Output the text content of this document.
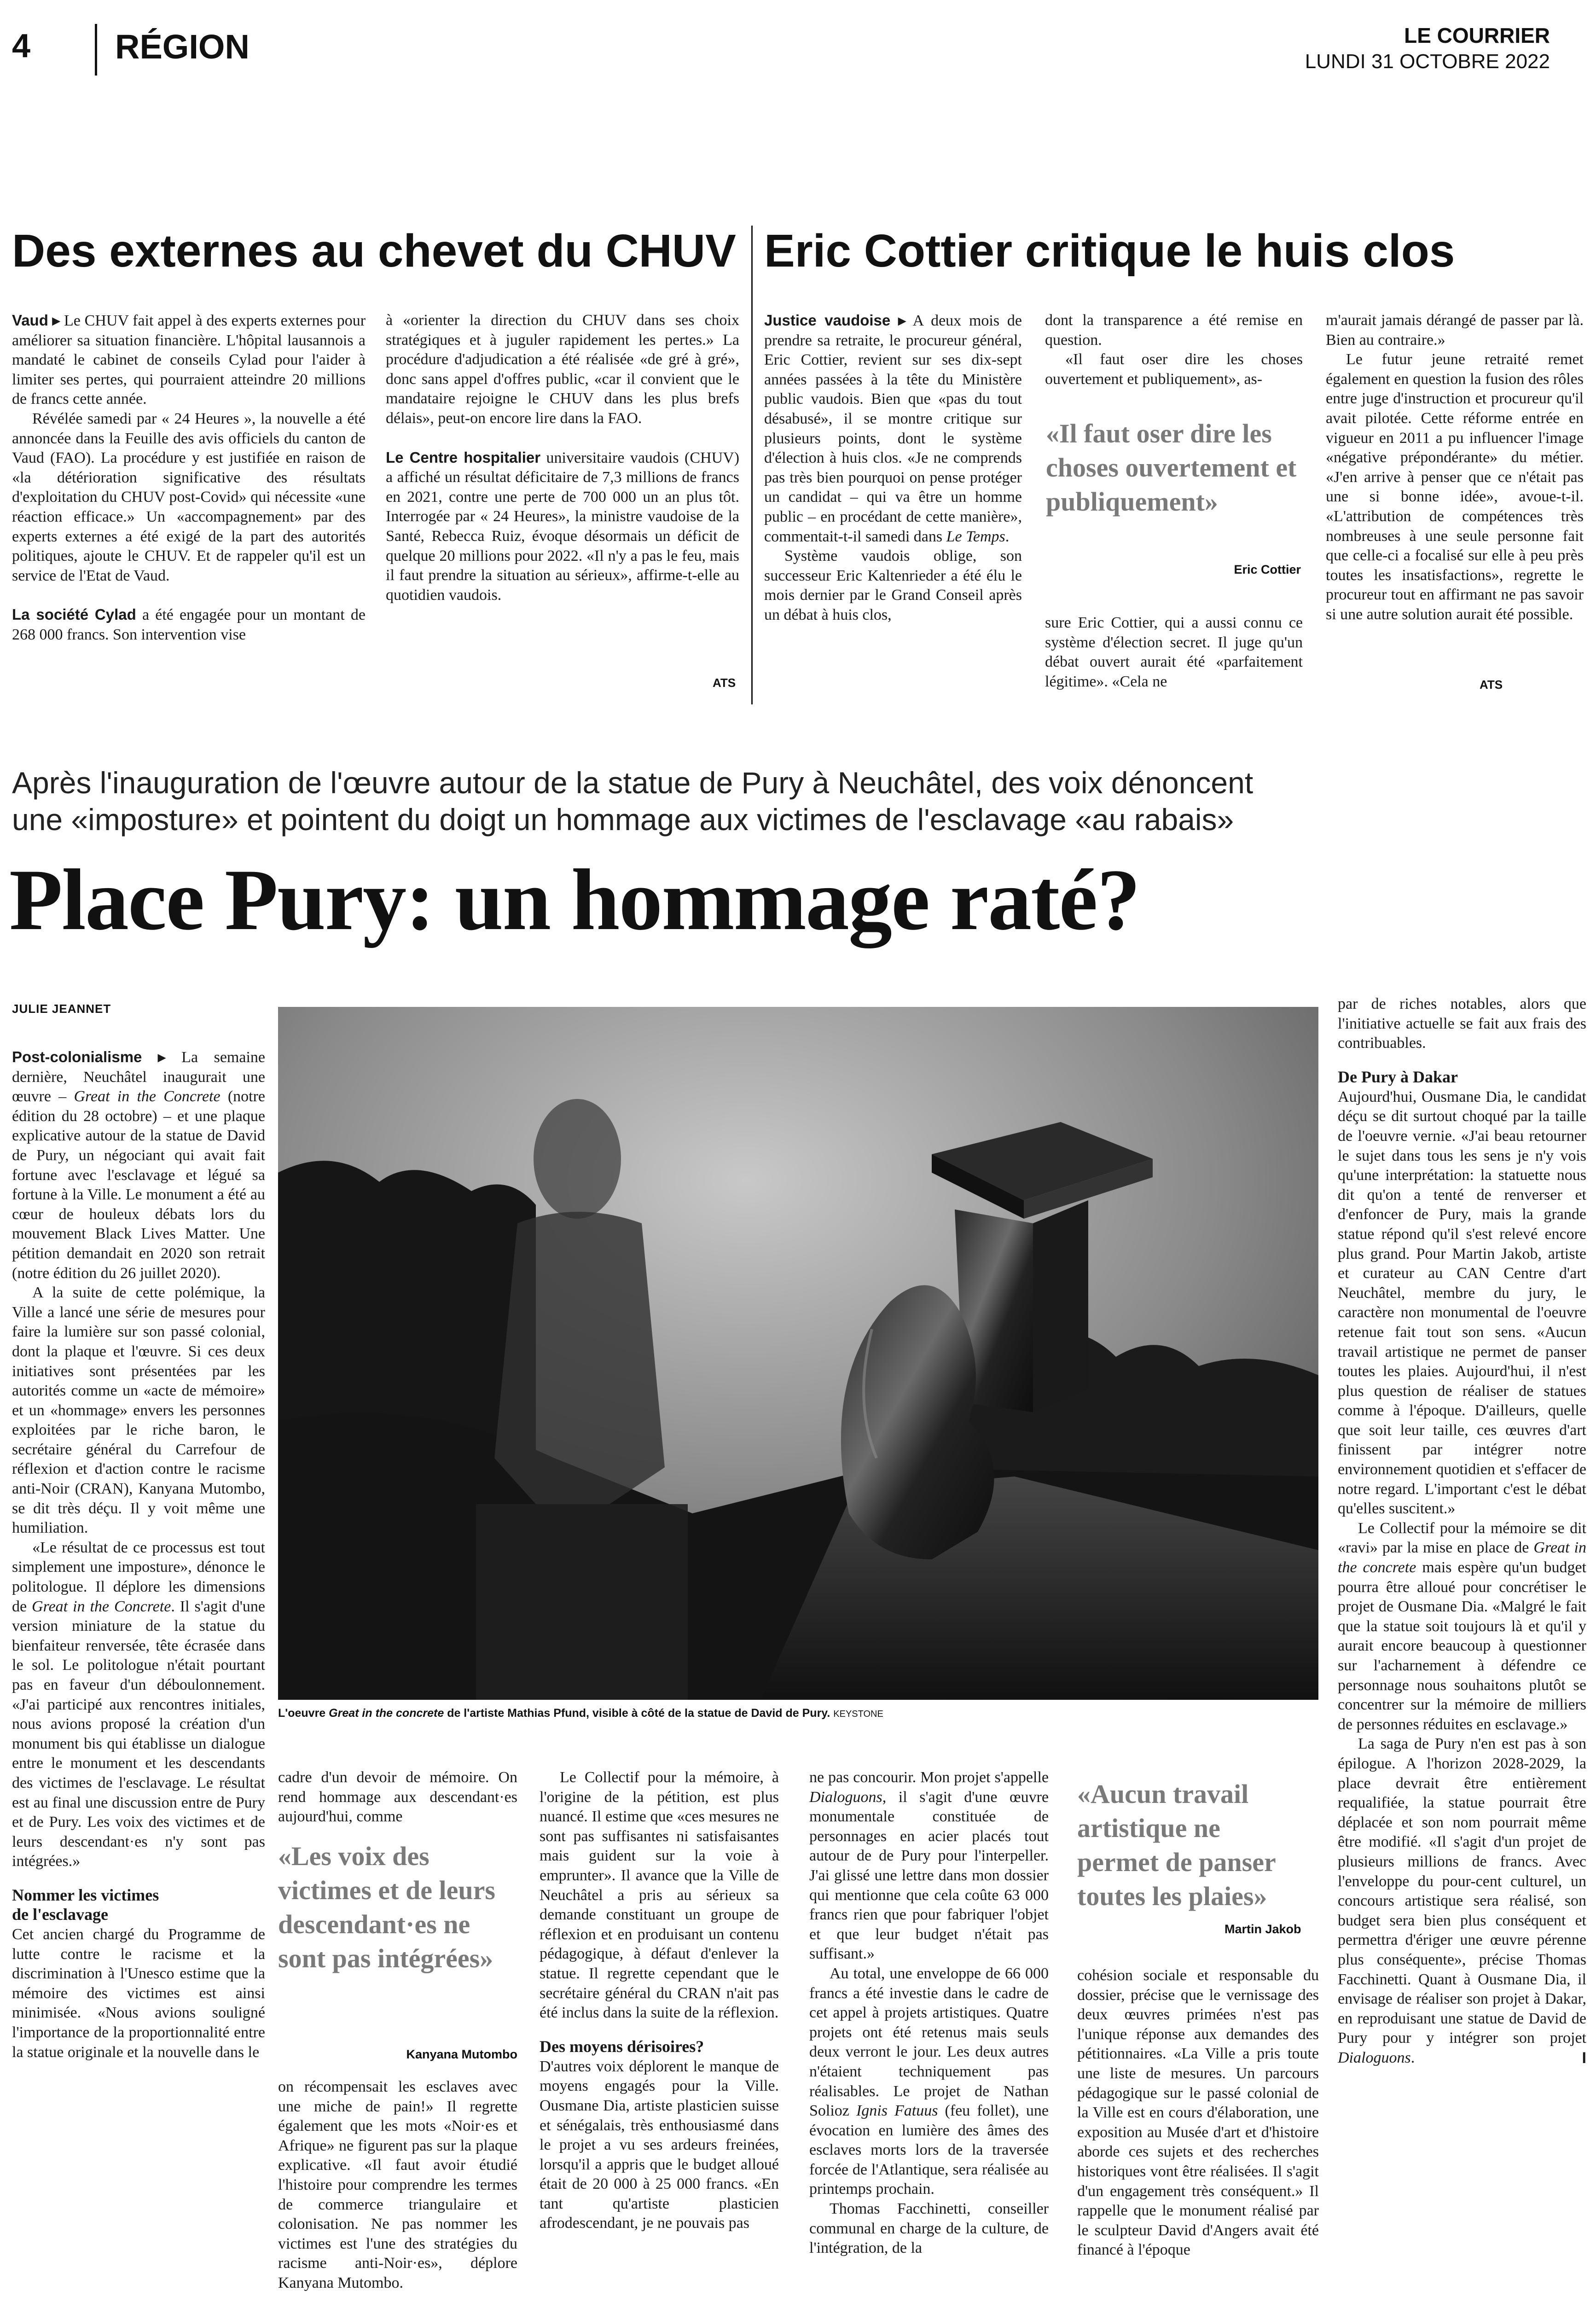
4 RÉGION	LE COURRIER
LUNDI 31 OCTOBRE 2022
Des externes au chevet du CHUV

Vaud ▸ Le CHUV fait appel à des experts externes pour améliorer sa situation financière. L'hôpital lausannois a mandaté le cabinet de conseils Cylad pour l'aider à limiter ses pertes, qui pourraient atteindre 20 millions de francs cette année.

Révélée samedi par « 24 Heures », la nouvelle a été annoncée dans la Feuille des avis officiels du canton de Vaud (FAO). La procédure y est justifiée en raison de «la détérioration significative des résultats d'exploitation du CHUV post-Covid» qui nécessite «une réaction efficace.» Un «accompagnement» par des experts externes a été exigé de la part des autorités politiques, ajoute le CHUV. Et de rappeler qu'il est un service de l'Etat de Vaud.

La société Cylad a été engagée pour un montant de 268 000 francs. Son intervention vise

à «orienter la direction du CHUV dans ses choix stratégiques et à juguler rapidement les pertes.» La procédure d'adjudication a été réalisée «de gré à gré», donc sans appel d'offres public, «car il convient que le mandataire rejoigne le CHUV dans les plus brefs délais», peut-on encore lire dans la FAO.

Le Centre hospitalier universitaire vaudois (CHUV) a affiché un résultat déficitaire de 7,3 millions de francs en 2021, contre une perte de 700 000 un an plus tôt. Interrogée par « 24 Heures», la ministre vaudoise de la Santé, Rebecca Ruiz, évoque désormais un déficit de quelque 20 millions pour 2022. «Il n'y a pas le feu, mais il faut prendre la situation au sérieux», affirme-t-elle au quotidien vaudois.

ATS
Eric Cottier critique le huis clos

Justice vaudoise ▸ A deux mois de prendre sa retraite, le procureur général, Eric Cottier, revient sur ses dix-sept années passées à la tête du Ministère public vaudois. Bien que «pas du tout désabusé», il se montre critique sur plusieurs points, dont le système d'élection à huis clos. «Je ne comprends pas très bien pourquoi on pense protéger un candidat – qui va être un homme public – en procédant de cette manière», commentait-t-il samedi dans Le Temps.

Système vaudois oblige, son successeur Eric Kaltenrieder a été élu le mois dernier par le Grand Conseil après un débat à huis clos,

dont la transparence a été remise en question.

«Il faut oser dire les choses ouvertement et publiquement», as-

«Il faut oser dire les choses ouvertement et publiquement»
Eric Cottier

sure Eric Cottier, qui a aussi connu ce système d'élection secret. Il juge qu'un débat ouvert aurait été «parfaitement légitime». «Cela ne

m'aurait jamais dérangé de passer par là. Bien au contraire.»

Le futur jeune retraité remet également en question la fusion des rôles entre juge d'instruction et procureur qu'il avait pilotée. Cette réforme entrée en vigueur en 2011 a pu influencer l'image «négative prépondérante» du métier. «J'en arrive à penser que ce n'était pas une si bonne idée», avoue-t-il. «L'attribution de compétences très nombreuses à une seule personne fait que celle-ci a focalisé sur elle à peu près toutes les insatisfactions», regrette le procureur tout en affirmant ne pas savoir si une autre solution aurait été possible.

ATS
Après l'inauguration de l'œuvre autour de la statue de Pury à Neuchâtel, des voix dénoncent
une «imposture» et pointent du doigt un hommage aux victimes de l'esclavage «au rabais»
Place Pury: un hommage raté?
JULIE JEANNET
L'oeuvre Great in the concrete de l'artiste Mathias Pfund, visible à côté de la statue de David de Pury. KEYSTONE

Post-colonialisme ▸ La semaine dernière, Neuchâtel inaugurait une œuvre – Great in the Concrete (notre édition du 28 octobre) – et une plaque explicative autour de la statue de David de Pury, un négociant qui avait fait fortune avec l'esclavage et légué sa fortune à la Ville. Le monument a été au cœur de houleux débats lors du mouvement Black Lives Matter. Une pétition demandait en 2020 son retrait (notre édition du 26 juillet 2020).

A la suite de cette polémique, la Ville a lancé une série de mesures pour faire la lumière sur son passé colonial, dont la plaque et l'œuvre. Si ces deux initiatives sont présentées par les autorités comme un «acte de mémoire» et un «hommage» envers les personnes exploitées par le riche baron, le secrétaire général du Carrefour de réflexion et d'action contre le racisme anti-Noir (CRAN), Kanyana Mutombo, se dit très déçu. Il y voit même une humiliation.

«Le résultat de ce processus est tout simplement une imposture», dénonce le politologue. Il déplore les dimensions de Great in the Concrete. Il s'agit d'une version miniature de la statue du bienfaiteur renversée, tête écrasée dans le sol. Le politologue n'était pourtant pas en faveur d'un déboulonnement. «J'ai participé aux rencontres initiales, nous avions proposé la création d'un monument bis qui établisse un dialogue entre le monument et les descendants des victimes de l'esclavage. Le résultat est au final une discussion entre de Pury et de Pury. Les voix des victimes et de leurs descendant·es n'y sont pas intégrées.»

Nommer les victimes
de l'esclavage

Cet ancien chargé du Programme de lutte contre le racisme et la discrimination à l'Unesco estime que la mémoire des victimes est ainsi minimisée. «Nous avions souligné l'importance de la proportionnalité entre la statue originale et la nouvelle dans le

cadre d'un devoir de mémoire. On rend hommage aux descendant·es aujourd'hui, comme

«Les voix des victimes et de leurs descendant·es ne sont pas intégrées»
Kanyana Mutombo

on récompensait les esclaves avec une miche de pain!» Il regrette également que les mots «Noir·es et Afrique» ne figurent pas sur la plaque explicative. «Il faut avoir étudié l'histoire pour comprendre les termes de commerce triangulaire et colonisation. Ne pas nommer les victimes est l'une des stratégies du racisme anti-Noir·es», déplore Kanyana Mutombo.

Le Collectif pour la mémoire, à l'origine de la pétition, est plus nuancé. Il estime que «ces mesures ne sont pas suffisantes ni satisfaisantes mais guident sur la voie à emprunter». Il avance que la Ville de Neuchâtel a pris au sérieux sa demande constituant un groupe de réflexion et en produisant un contenu pédagogique, à défaut d'enlever la statue. Il regrette cependant que le secrétaire général du CRAN n'ait pas été inclus dans la suite de la réflexion.

Des moyens dérisoires?

D'autres voix déplorent le manque de moyens engagés pour la Ville. Ousmane Dia, artiste plasticien suisse et sénégalais, très enthousiasmé dans le projet a vu ses ardeurs freinées, lorsqu'il a appris que le budget alloué était de 20 000 à 25 000 francs. «En tant qu'artiste plasticien afrodescendant, je ne pouvais pas

ne pas concourir. Mon projet s'appelle Dialoguons, il s'agit d'une œuvre monumentale constituée de personnages en acier placés tout autour de de Pury pour l'interpeller. J'ai glissé une lettre dans mon dossier qui mentionne que cela coûte 63 000 francs rien que pour fabriquer l'objet et que leur budget n'était pas suffisant.»

Au total, une enveloppe de 66 000 francs a été investie dans le cadre de cet appel à projets artistiques. Quatre projets ont été retenus mais seuls deux verront le jour. Les deux autres n'étaient techniquement pas réalisables. Le projet de Nathan Solioz Ignis Fatuus (feu follet), une évocation en lumière des âmes des esclaves morts lors de la traversée forcée de l'Atlantique, sera réalisée au printemps prochain.

Thomas Facchinetti, conseiller communal en charge de la culture, de l'intégration, de la

«Aucun travail artistique ne permet de panser toutes les plaies»
Martin Jakob

cohésion sociale et responsable du dossier, précise que le vernissage des deux œuvres primées n'est pas l'unique réponse aux demandes des pétitionnaires. «La Ville a pris toute une liste de mesures. Un parcours pédagogique sur le passé colonial de la Ville est en cours d'élaboration, une exposition au Musée d'art et d'histoire aborde ces sujets et des recherches historiques vont être réalisées. Il s'agit d'un engagement très conséquent.» Il rappelle que le monument réalisé par le sculpteur David d'Angers avait été financé à l'époque

par de riches notables, alors que l'initiative actuelle se fait aux frais des contribuables.

De Pury à Dakar

Aujourd'hui, Ousmane Dia, le candidat déçu se dit surtout choqué par la taille de l'oeuvre vernie. «J'ai beau retourner le sujet dans tous les sens je n'y vois qu'une interprétation: la statuette nous dit qu'on a tenté de renverser et d'enfoncer de Pury, mais la grande statue répond qu'il s'est relevé encore plus grand. Pour Martin Jakob, artiste et curateur au CAN Centre d'art Neuchâtel, membre du jury, le caractère non monumental de l'oeuvre retenue fait tout son sens. «Aucun travail artistique ne permet de panser toutes les plaies. Aujourd'hui, il n'est plus question de réaliser de statues comme à l'époque. D'ailleurs, quelle que soit leur taille, ces œuvres d'art finissent par intégrer notre environnement quotidien et s'effacer de notre regard. L'important c'est le débat qu'elles suscitent.»

Le Collectif pour la mémoire se dit «ravi» par la mise en place de Great in the concrete mais espère qu'un budget pourra être alloué pour concrétiser le projet de Ousmane Dia. «Malgré le fait que la statue soit toujours là et qu'il y aurait encore beaucoup à questionner sur l'acharnement à défendre ce personnage nous souhaitons plutôt se concentrer sur la mémoire de milliers de personnes réduites en esclavage.»

La saga de Pury n'en est pas à son épilogue. A l'horizon 2028-2029, la place devrait être entièrement requalifiée, la statue pourrait être déplacée et son nom pourrait même être modifié. «Il s'agit d'un projet de plusieurs millions de francs. Avec l'enveloppe du pour-cent culturel, un concours artistique sera réalisé, son budget sera bien plus conséquent et permettra d'ériger une œuvre pérenne plus conséquente», précise Thomas Facchinetti. Quant à Ousmane Dia, il envisage de réaliser son projet à Dakar, en reproduisant une statue de David de Pury pour y intégrer son projet Dialoguons.	I
